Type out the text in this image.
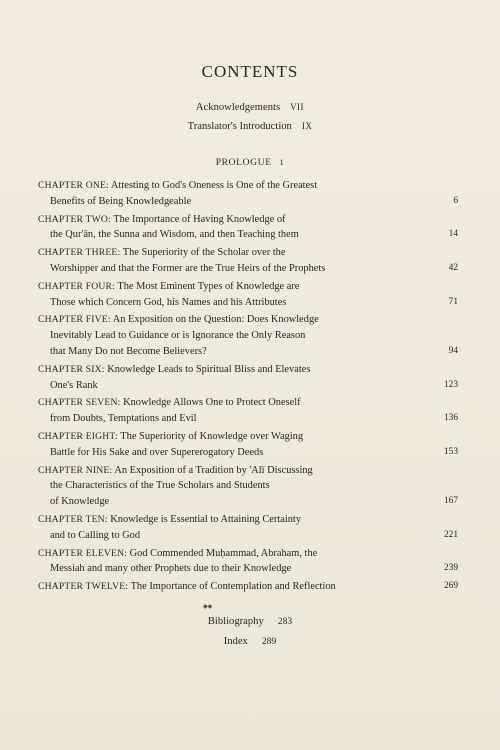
CONTENTS
Acknowledgements VII
Translator's Introduction IX
PROLOGUE 1
CHAPTER ONE: Attesting to God's Oneness is One of the Greatest
Benefits of Being Knowledgeable	6
CHAPTER TWO: The Importance of Having Knowledge of
the Qur'ān, the Sunna and Wisdom, and then Teaching them	14
CHAPTER THREE: The Superiority of the Scholar over the
Worshipper and that the Former are the True Heirs of the Prophets	42
CHAPTER FOUR: The Most Eminent Types of Knowledge are
Those which Concern God, his Names and his Attributes	71
CHAPTER FIVE: An Exposition on the Question: Does Knowledge
Inevitably Lead to Guidance or is Ignorance the Only Reason
that Many Do not Become Believers?	94
CHAPTER SIX: Knowledge Leads to Spiritual Bliss and Elevates
One's Rank	123
CHAPTER SEVEN: Knowledge Allows One to Protect Oneself
from Doubts, Temptations and Evil	136
CHAPTER EIGHT: The Superiority of Knowledge over Waging
Battle for His Sake and over Supererogatory Deeds	153
CHAPTER NINE: An Exposition of a Tradition by 'Alī Discussing
the Characteristics of the True Scholars and Students
of Knowledge	167
CHAPTER TEN: Knowledge is Essential to Attaining Certainty
and to Calling to God	221
CHAPTER ELEVEN: God Commended Muḥammad, Abraham, the
Messiah and many other Prophets due to their Knowledge	239
CHAPTER TWELVE: The Importance of Contemplation and Reflection	269
◆◆
Bibliography 283
Index 289
